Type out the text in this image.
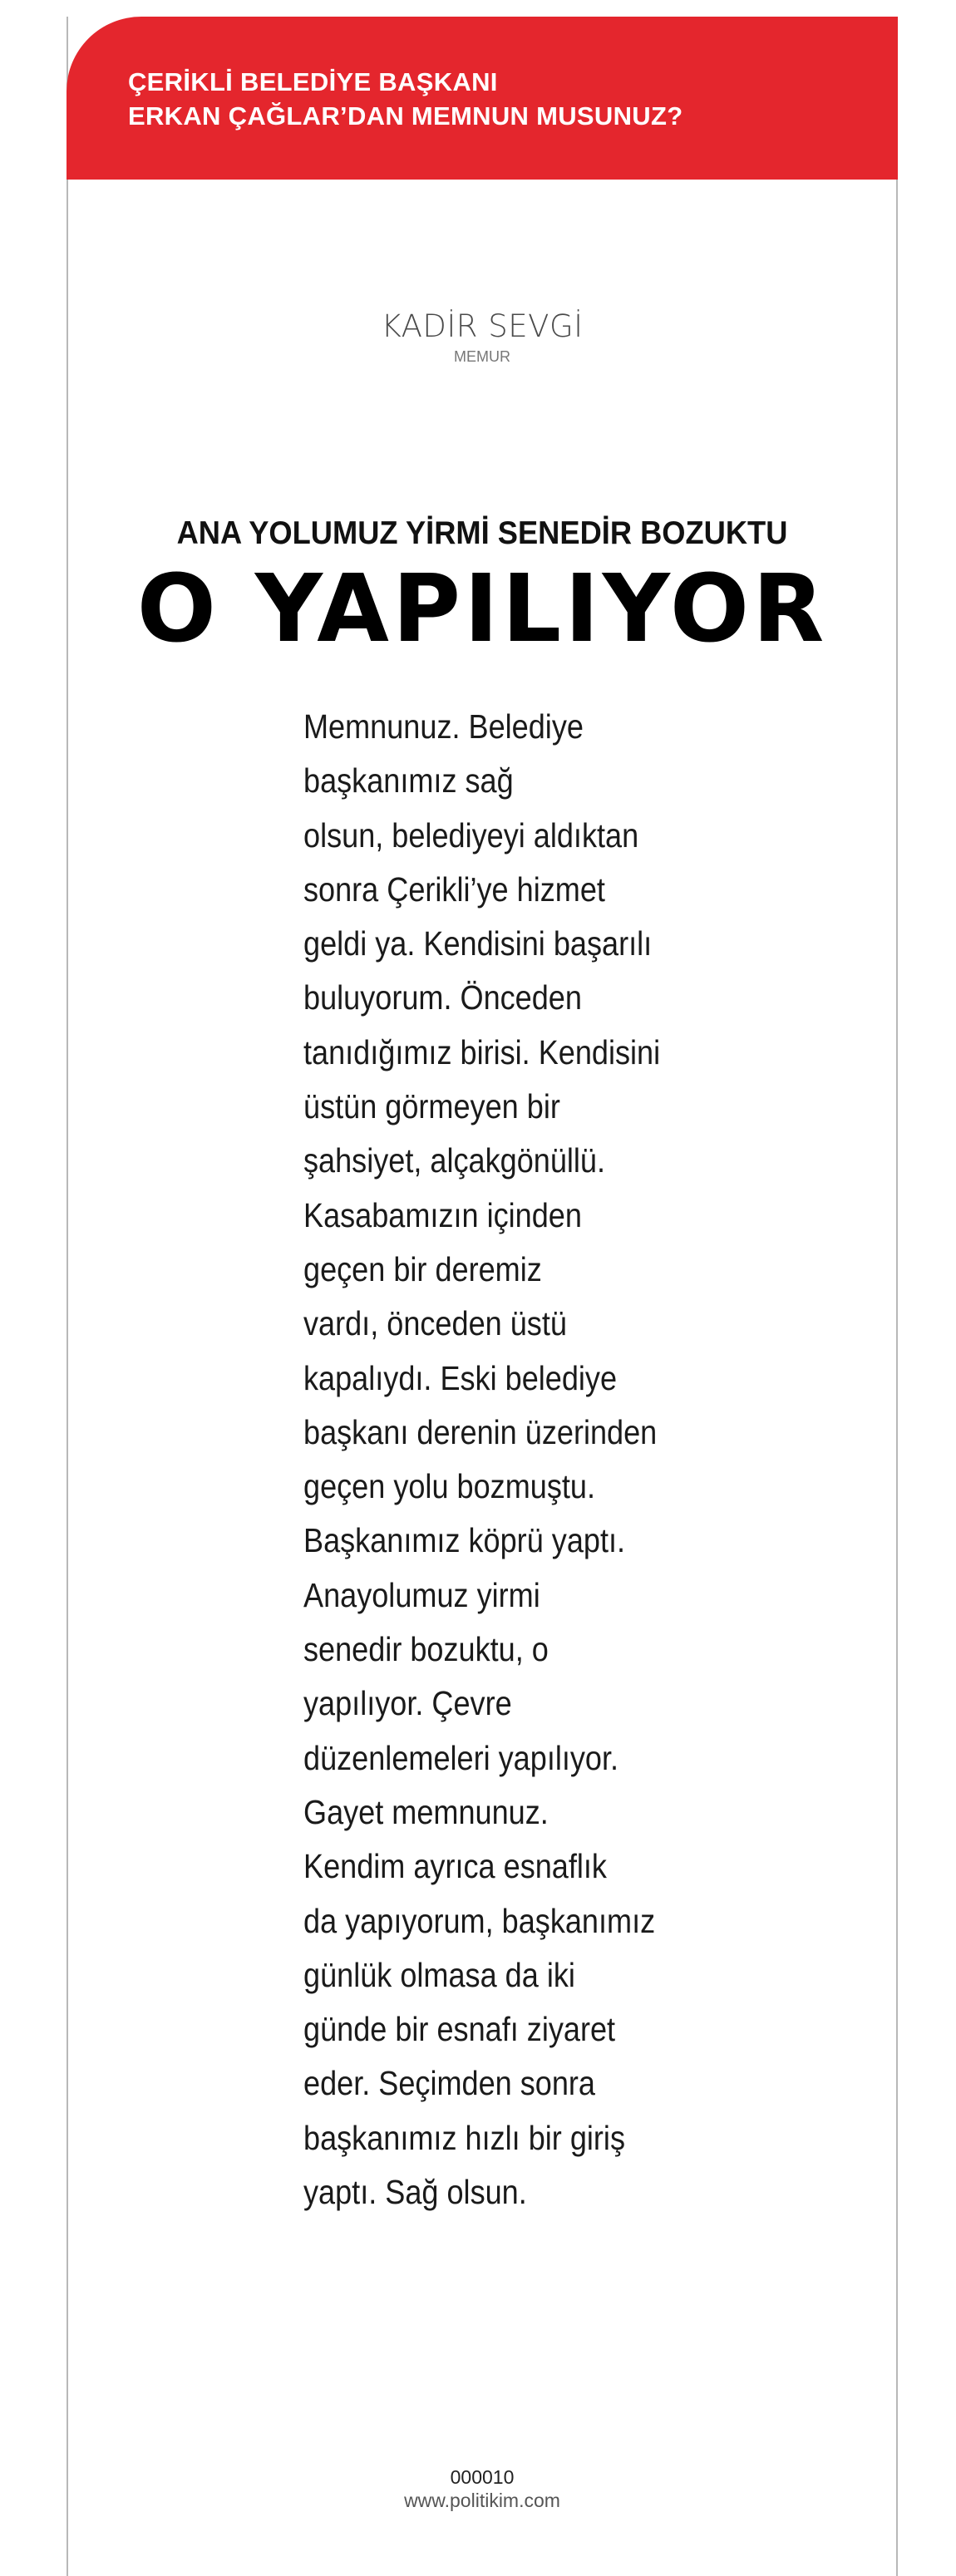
ÇERİKLİ BELEDİYE BAŞKANI
ERKAN ÇAĞLAR’DAN MEMNUN MUSUNUZ?
KADİR SEVGİ
MEMUR
ANA YOLUMUZ YİRMİ SENEDİR BOZUKTU
O YAPILIYOR
Memnunuz. Belediye
başkanımız sağ
olsun, belediyeyi aldıktan
sonra Çerikli’ye hizmet
geldi ya. Kendisini başarılı
buluyorum. Önceden
tanıdığımız birisi. Kendisini
üstün görmeyen bir
şahsiyet, alçakgönüllü.
Kasabamızın içinden
geçen bir deremiz
vardı, önceden üstü
kapalıydı. Eski belediye
başkanı derenin üzerinden
geçen yolu bozmuştu.
Başkanımız köprü yaptı.
Anayolumuz yirmi
senedir bozuktu, o
yapılıyor. Çevre
düzenlemeleri yapılıyor.
Gayet memnunuz.
Kendim ayrıca esnaflık
da yapıyorum, başkanımız
günlük olmasa da iki
günde bir esnafı ziyaret
eder. Seçimden sonra
başkanımız hızlı bir giriş
yaptı. Sağ olsun.
000010
www.politikim.com
